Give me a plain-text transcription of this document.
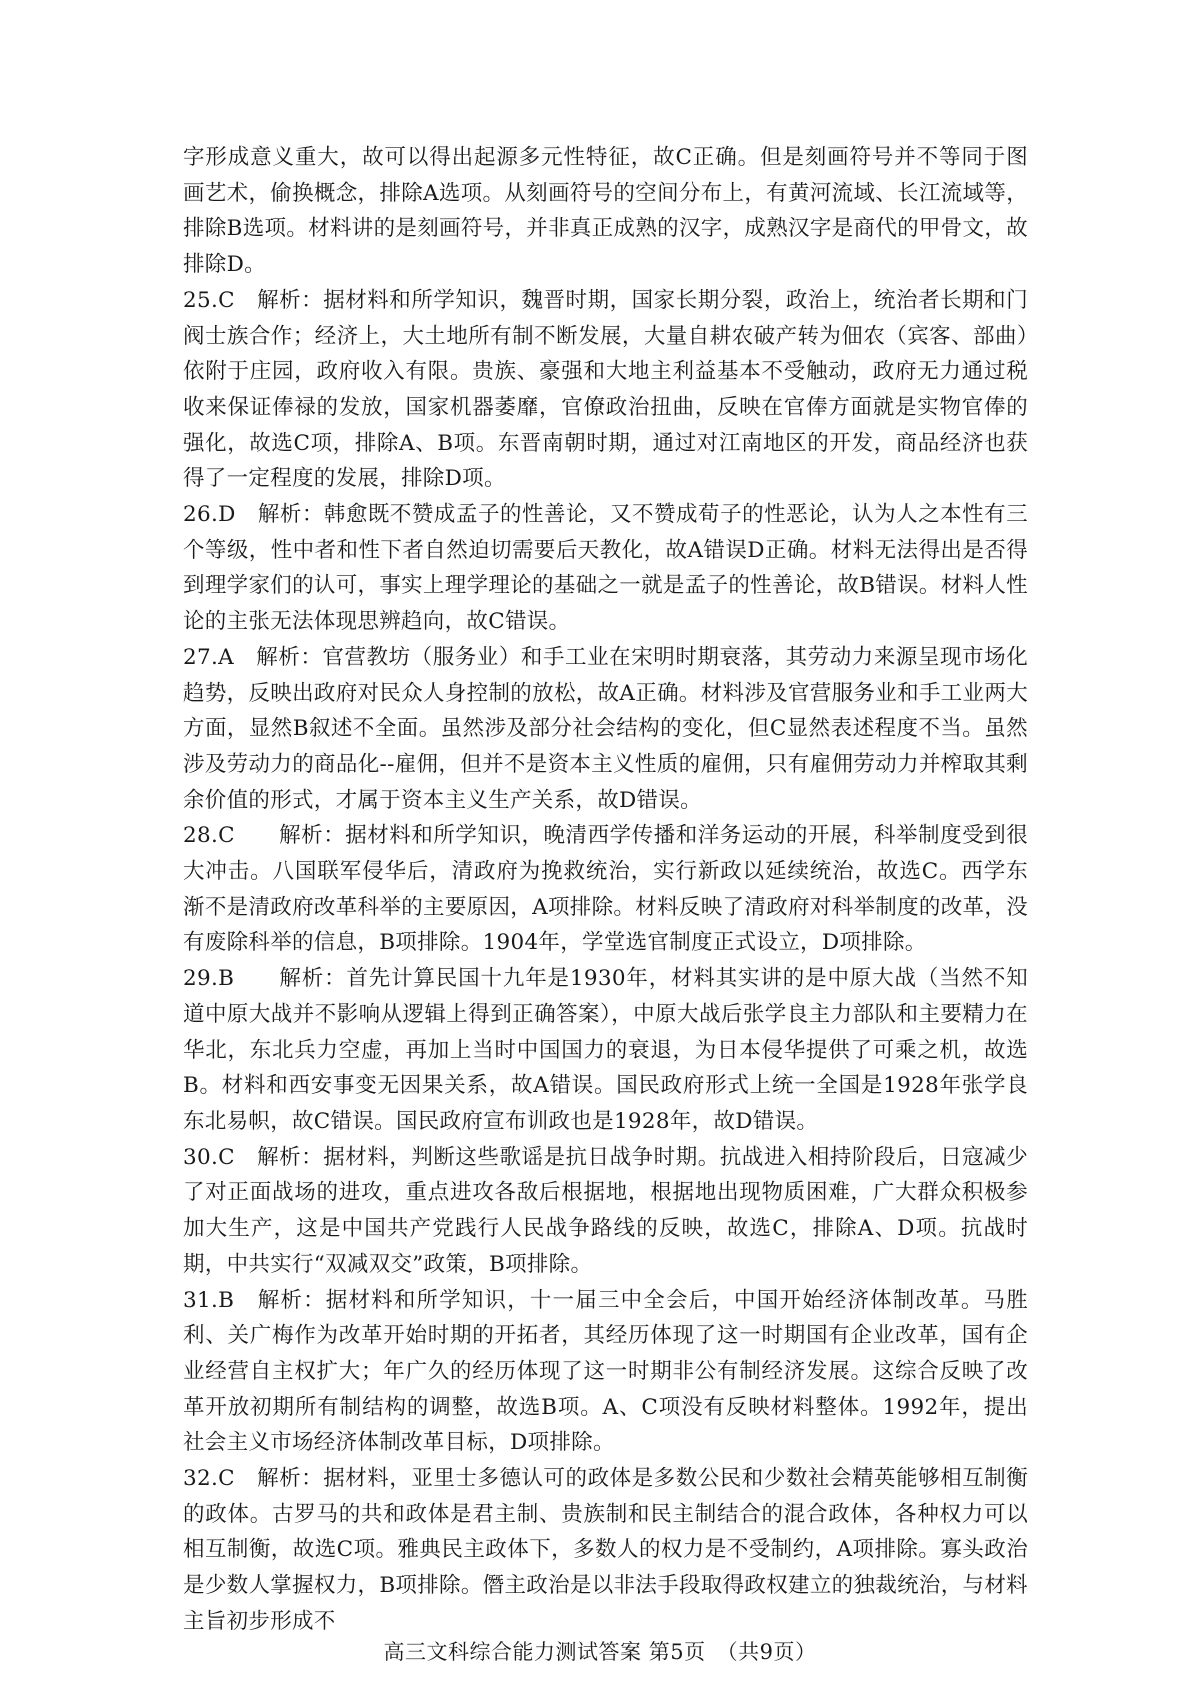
字形成意义重大，故可以得出起源多元性特征，故C正确。但是刻画符号并不等同于图画艺术，偷换概念，排除A选项。从刻画符号的空间分布上，有黄河流域、长江流域等，排除B选项。材料讲的是刻画符号，并非真正成熟的汉字，成熟汉字是商代的甲骨文，故排除D。

25.C　解析：据材料和所学知识，魏晋时期，国家长期分裂，政治上，统治者长期和门阀士族合作；经济上，大土地所有制不断发展，大量自耕农破产转为佃农（宾客、部曲）依附于庄园，政府收入有限。贵族、豪强和大地主利益基本不受触动，政府无力通过税收来保证俸禄的发放，国家机器萎靡，官僚政治扭曲，反映在官俸方面就是实物官俸的强化，故选C项，排除A、B项。东晋南朝时期，通过对江南地区的开发，商品经济也获得了一定程度的发展，排除D项。

26.D　解析：韩愈既不赞成孟子的性善论，又不赞成荀子的性恶论，认为人之本性有三个等级，性中者和性下者自然迫切需要后天教化，故A错误D正确。材料无法得出是否得到理学家们的认可，事实上理学理论的基础之一就是孟子的性善论，故B错误。材料人性论的主张无法体现思辨趋向，故C错误。

27.A　解析：官营教坊（服务业）和手工业在宋明时期衰落，其劳动力来源呈现市场化趋势，反映出政府对民众人身控制的放松，故A正确。材料涉及官营服务业和手工业两大方面，显然B叙述不全面。虽然涉及部分社会结构的变化，但C显然表述程度不当。虽然涉及劳动力的商品化--雇佣，但并不是资本主义性质的雇佣，只有雇佣劳动力并榨取其剩余价值的形式，才属于资本主义生产关系，故D错误。

28.C　　解析：据材料和所学知识，晚清西学传播和洋务运动的开展，科举制度受到很大冲击。八国联军侵华后，清政府为挽救统治，实行新政以延续统治，故选C。西学东渐不是清政府改革科举的主要原因，A项排除。材料反映了清政府对科举制度的改革，没有废除科举的信息，B项排除。1904年，学堂选官制度正式设立，D项排除。

29.B　　解析：首先计算民国十九年是1930年，材料其实讲的是中原大战（当然不知道中原大战并不影响从逻辑上得到正确答案），中原大战后张学良主力部队和主要精力在华北，东北兵力空虚，再加上当时中国国力的衰退，为日本侵华提供了可乘之机，故选B。材料和西安事变无因果关系，故A错误。国民政府形式上统一全国是1928年张学良东北易帜，故C错误。国民政府宣布训政也是1928年，故D错误。

30.C　解析：据材料，判断这些歌谣是抗日战争时期。抗战进入相持阶段后，日寇减少了对正面战场的进攻，重点进攻各敌后根据地，根据地出现物质困难，广大群众积极参加大生产，这是中国共产党践行人民战争路线的反映，故选C，排除A、D项。抗战时期，中共实行“双减双交”政策，B项排除。

31.B　解析：据材料和所学知识，十一届三中全会后，中国开始经济体制改革。马胜利、关广梅作为改革开始时期的开拓者，其经历体现了这一时期国有企业改革，国有企业经营自主权扩大；年广久的经历体现了这一时期非公有制经济发展。这综合反映了改革开放初期所有制结构的调整，故选B项。A、C项没有反映材料整体。1992年，提出社会主义市场经济体制改革目标，D项排除。

32.C　解析：据材料，亚里士多德认可的政体是多数公民和少数社会精英能够相互制衡的政体。古罗马的共和政体是君主制、贵族制和民主制结合的混合政体，各种权力可以相互制衡，故选C项。雅典民主政体下，多数人的权力是不受制约，A项排除。寡头政治是少数人掌握权力，B项排除。僭主政治是以非法手段取得政权建立的独裁统治，与材料主旨初步形成不

高三文科综合能力测试答案 第5页　（共9页）
